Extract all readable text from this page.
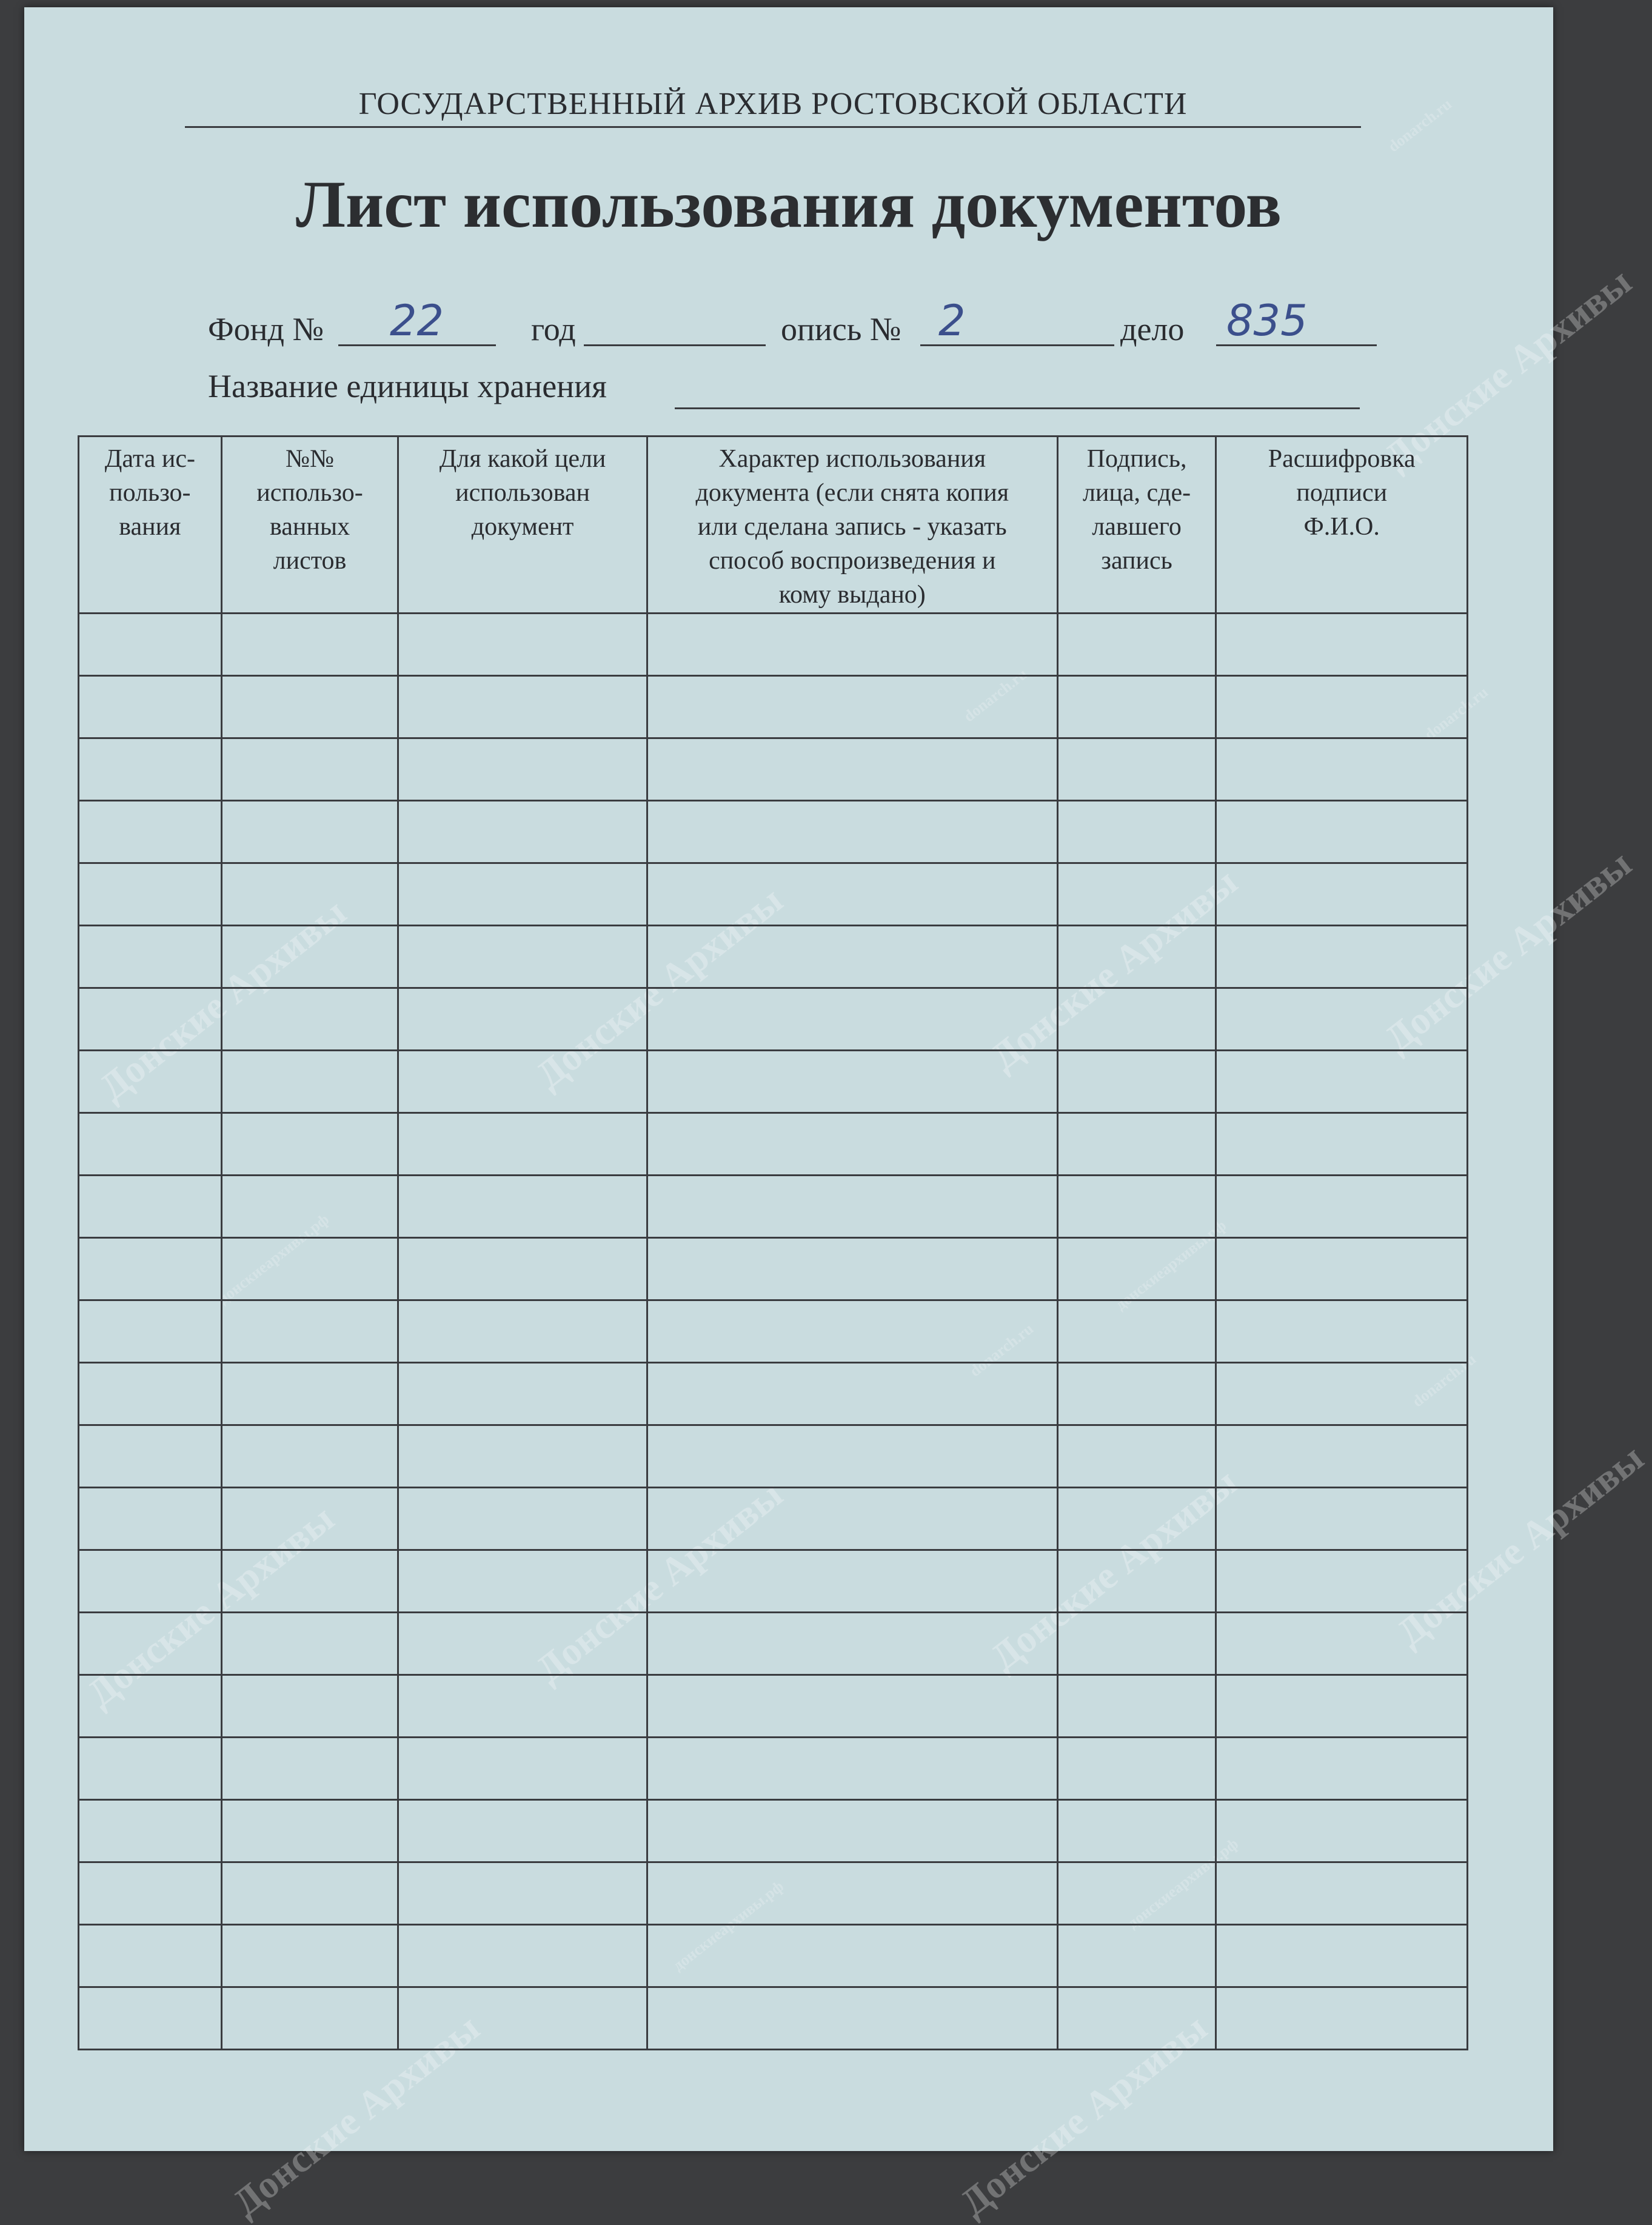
Донские Архивы	Донские Архивы	Донские Архивы	Донские Архивы
Донские Архивы	Донские Архивы	Донские Архивы	Донские Архивы
Донские Архивы
Донские Архивы
Донские Архивы
donarch.ru
donarch.ru	donarch.ru
donarch.ru
donarch.ru
донскиеархивы.рф	донскиеархивы.рф
донскиеархивы.рф
донскиеархивы.рф
ГОСУДАРСТВЕННЫЙ АРХИВ РОСТОВСКОЙ ОБЛАСТИ
Лист использования документов
Фонд № 22	год	опись № 2	дело 835
Название единицы хранения
Дата ис-
пользо-
вания	№№
использо-
ванных
листов	Для какой цели
использован
документ	Характер использования
документа (если снята копия
или сделана запись - указать
способ воспроизведения и
кому выдано)	Подпись,
лица, сде-
лавшего
запись	Расшифровка
подписи
Ф.И.О.
